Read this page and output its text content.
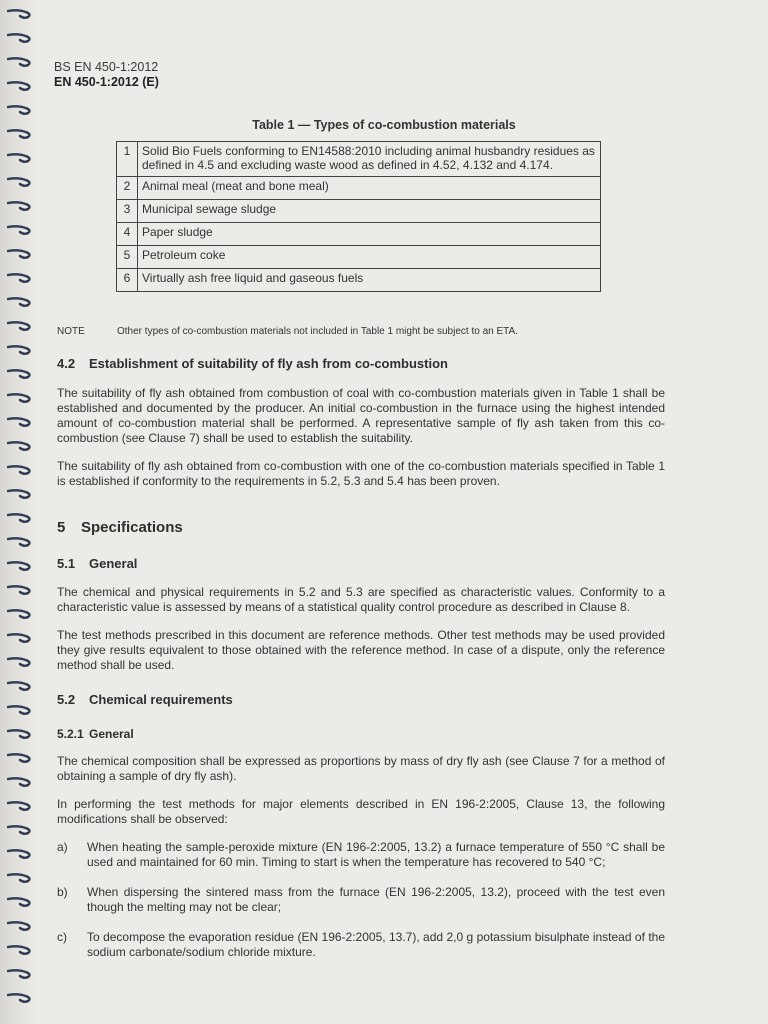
BS EN 450-1:2012
EN 450-1:2012 (E)
Table 1 — Types of co-combustion materials
1	Solid Bio Fuels conforming to EN14588:2010 including animal husbandry residues as defined in 4.5 and excluding waste wood as defined in 4.52, 4.132 and 4.174.
2	Animal meal (meat and bone meal)
3	Municipal sewage sludge
4	Paper sludge
5	Petroleum coke
6	Virtually ash free liquid and gaseous fuels
NOTE	Other types of co-combustion materials not included in Table 1 might be subject to an ETA.
4.2 Establishment of suitability of fly ash from co-combustion
The suitability of fly ash obtained from combustion of coal with co-combustion materials given in Table 1 shall be established and documented by the producer. An initial co-combustion in the furnace using the highest intended amount of co-combustion material shall be performed. A representative sample of fly ash taken from this co-combustion (see Clause 7) shall be used to establish the suitability.
The suitability of fly ash obtained from co-combustion with one of the co-combustion materials specified in Table 1 is established if conformity to the requirements in 5.2, 5.3 and 5.4 has been proven.
5 Specifications
5.1 General
The chemical and physical requirements in 5.2 and 5.3 are specified as characteristic values. Conformity to a characteristic value is assessed by means of a statistical quality control procedure as described in Clause 8.
The test methods prescribed in this document are reference methods. Other test methods may be used provided they give results equivalent to those obtained with the reference method. In case of a dispute, only the reference method shall be used.
5.2 Chemical requirements
5.2.1 General
The chemical composition shall be expressed as proportions by mass of dry fly ash (see Clause 7 for a method of obtaining a sample of dry fly ash).
In performing the test methods for major elements described in EN 196-2:2005, Clause 13, the following modifications shall be observed:
a) When heating the sample-peroxide mixture (EN 196-2:2005, 13.2) a furnace temperature of 550 °C shall be used and maintained for 60 min. Timing to start is when the temperature has recovered to 540 °C;
b) When dispersing the sintered mass from the furnace (EN 196-2:2005, 13.2), proceed with the test even though the melting may not be clear;
c) To decompose the evaporation residue (EN 196-2:2005, 13.7), add 2,0 g potassium bisulphate instead of the sodium carbonate/sodium chloride mixture.
